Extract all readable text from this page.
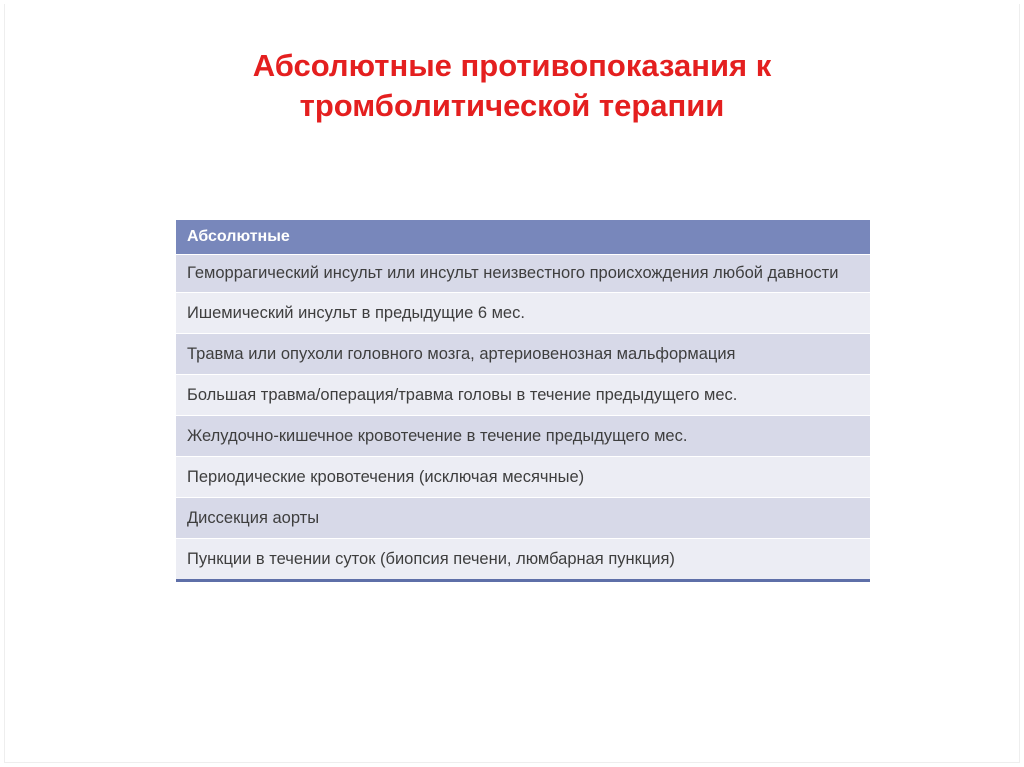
Абсолютные противопоказания к
тромболитической терапии
Абсолютные
Геморрагический инсульт или инсульт неизвестного происхождения любой давности
Ишемический инсульт в предыдущие 6 мес.
Травма или опухоли головного мозга, артериовенозная мальформация
Большая травма/операция/травма головы в течение предыдущего мес.
Желудочно-кишечное кровотечение в течение предыдущего мес.
Периодические кровотечения (исключая месячные)
Диссекция аорты
Пункции в течении суток (биопсия печени, люмбарная пункция)
